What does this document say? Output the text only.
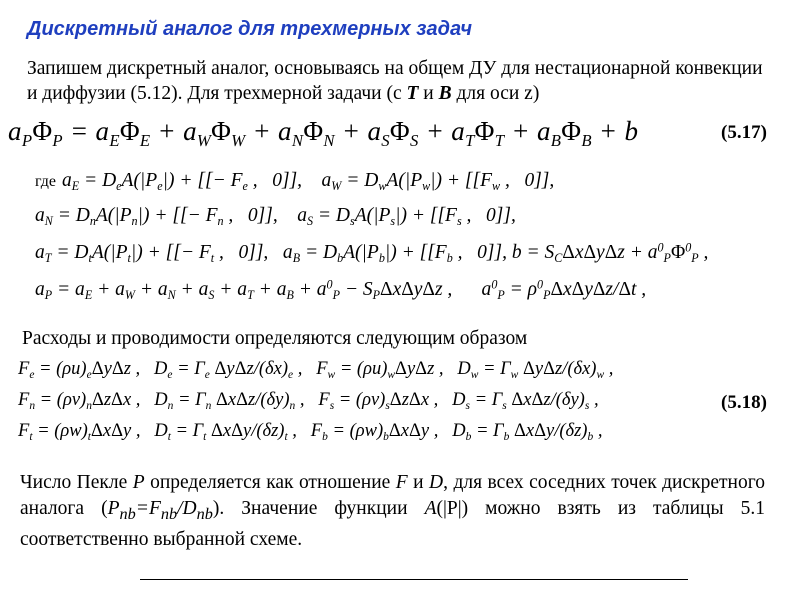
Дискретный аналог для трехмерных задач
Запишем дискретный аналог, основываясь на общем ДУ для нестационарной конвекции и диффузии (5.12). Для трехмерной задачи (с T и B для оси z)
$a_P\Phi_P = a_E\Phi_E + a_W\Phi_W + a_N\Phi_N + a_S\Phi_S + a_T\Phi_T + a_B\Phi_B + b$	(5.17)
где $a_E = D_eA(|P_e|)$ + [[− $F_e$ ,   0]],    $a_W = D_wA(|P_w|) + [[F_w$ ,   0]],
$a_N = D_nA(|P_n|)$ + [[− $F_n$ ,   0]],    $a_S = D_sA(|P_s|) + [[F_s$ ,   0]],
$a_T = D_tA(|P_t|)$ + [[− $F_t$ ,   0]],   $a_B = D_bA(|P_b|) + [[F_b$ ,   0]], $b = S_C\Delta x\Delta y\Delta z + a^0_P\Phi^0_P$ ,
$a_P = a_E + a_W + a_N + a_S + a_T + a_B + a^0_P - S_P\Delta x\Delta y\Delta z$ ,      $a^0_P = \rho^0_P\Delta x\Delta y\Delta z/\Delta t$ ,
Расходы и проводимости определяются следующим образом
$F_e = (\rho u)_e\Delta y\Delta z$ ,   $D_e = \Gamma_e$ ΔyΔz/$(\delta x)_e$ ,   $F_w = (\rho u)_w\Delta y\Delta z$ ,   $D_w = \Gamma_w$ ΔyΔz/$(\delta x)_w$ ,
$F_n = (\rho v)_n\Delta z\Delta x$ ,   $D_n = \Gamma_n$ ΔxΔz/$(\delta y)_n$ ,   $F_s = (\rho v)_s\Delta z\Delta x$ ,   $D_s = \Gamma_s$ ΔxΔz/$(\delta y)_s$ ,
$F_t = (\rho w)_t\Delta x\Delta y$ ,   $D_t = \Gamma_t$ ΔxΔy/$(\delta z)_t$ ,   $F_b = (\rho w)_b\Delta x\Delta y$ ,   $D_b = \Gamma_b$ ΔxΔy/$(\delta z)_b$ ,
(5.18)
Число Пекле P определяется как отношение F и D, для всех соседних точек дискретного аналога $(P_{nb}=F_{nb}/D_{nb})$. Значение функции A(|P|) можно взять из таблицы 5.1 соответственно выбранной схеме.
